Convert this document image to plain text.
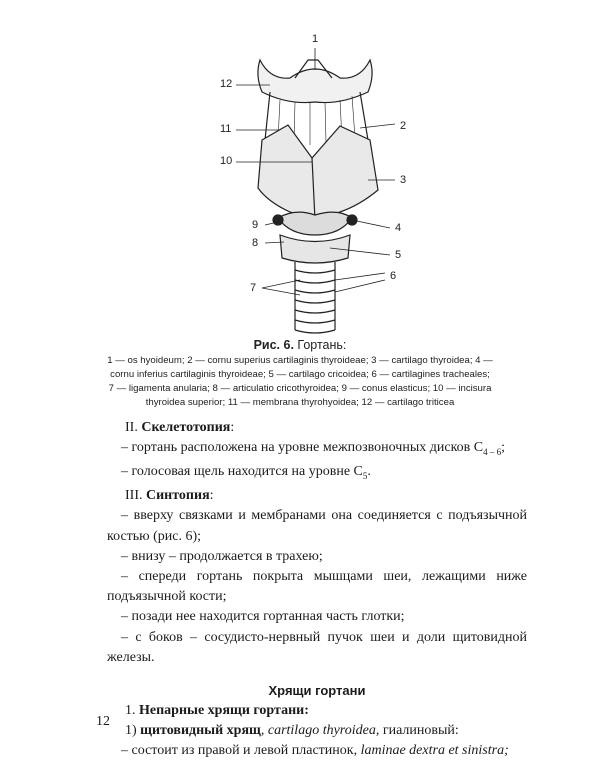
1
2
3
4
5
6
7
8
9
10
11
12
Рис. 6. Гортань:
1 — os hyoideum; 2 — cornu superius cartilaginis thyroideae; 3 — cartilago thyroidea; 4 —
cornu inferius cartilaginis thyroideae; 5 — cartilago cricoidea; 6 — cartilagines tracheales;
7 — ligamenta anularia; 8 — articulatio cricothyroidea; 9 — conus elasticus; 10 — incisura
thyroidea superior; 11 — membrana thyrohyoidea; 12 — cartilago triticea

II. Скелетотопия:

– гортань расположена на уровне межпозвоночных дисков $C_{4 - 6}$;

– голосовая щель находится на уровне $C_5$.

III. Синтопия:

– вверху связками и мембранами она соединяется с подъязычной костью (рис. 6);

– внизу – продолжается в трахею;

– спереди гортань покрыта мышцами шеи, лежащими ниже подъязычной кости;

– позади нее находится гортанная часть глотки;

– с боков – сосудисто-нервный пучок шеи и доли щитовидной железы.

Хрящи гортани

1. Непарные хрящи гортани:

1) щитовидный хрящ, cartilago thyroidea, гиалиновый:

– состоит из правой и левой пластинок, laminae dextra et sinistra;

12
